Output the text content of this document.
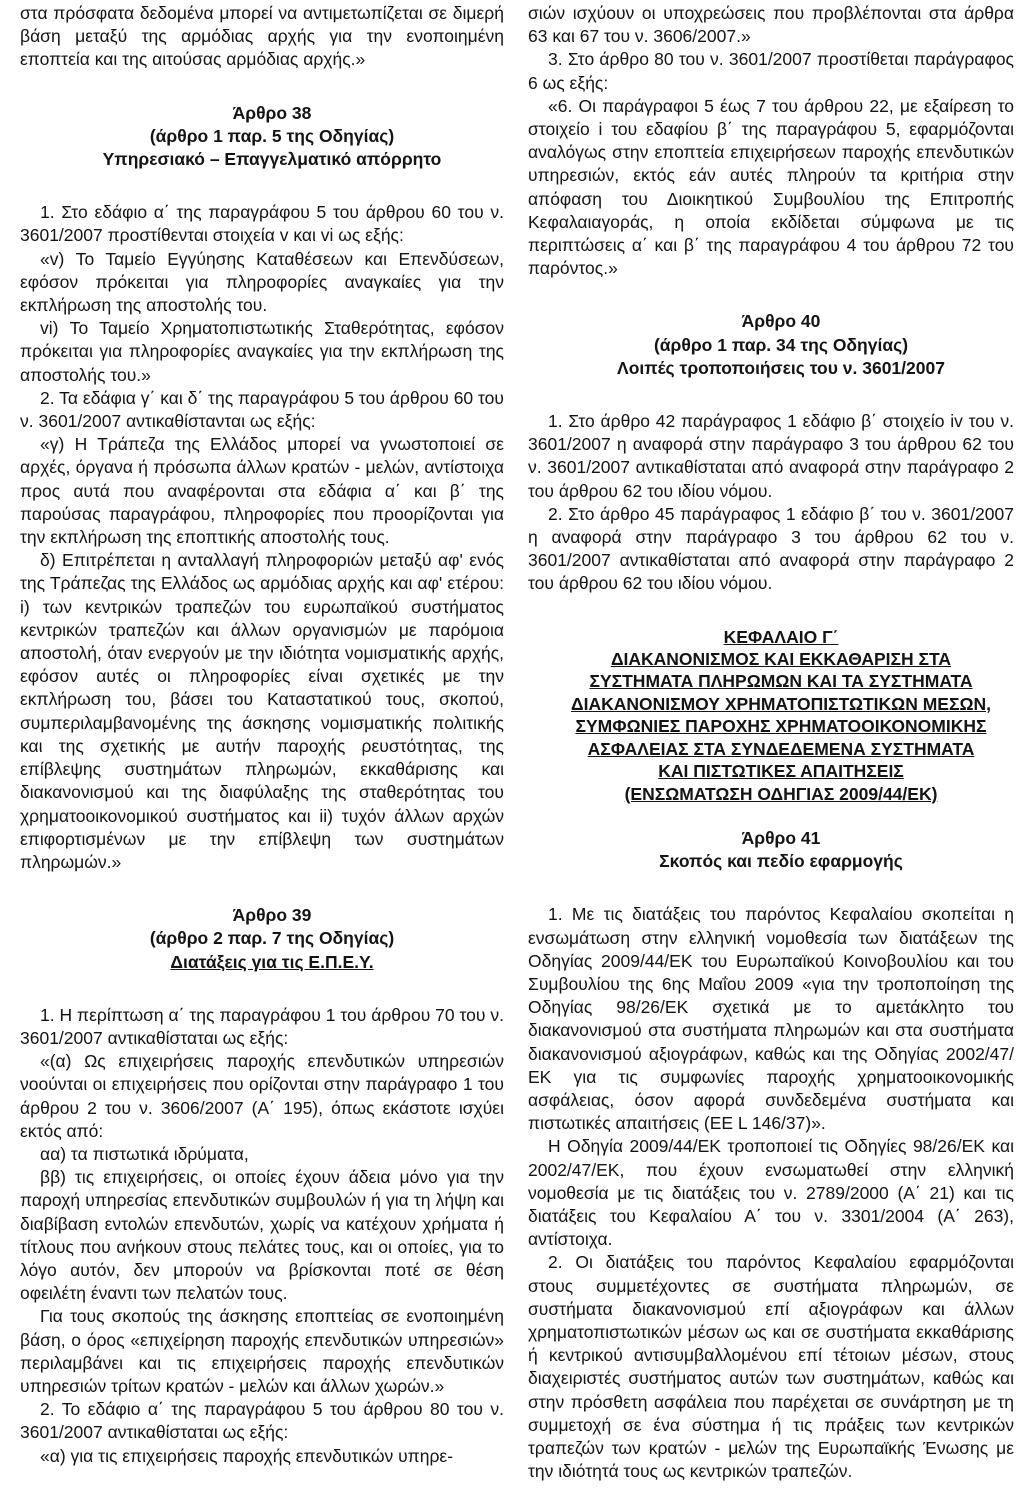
στα πρόσφατα δεδομένα μπορεί να αντιμετωπίζεται σε διμερή βάση μεταξύ της αρμόδιας αρχής για την ενοποιημένη εποπτεία και της αιτούσας αρμόδιας αρχής.»

Άρθρο 38

(άρθρο 1 παρ. 5 της Οδηγίας)

Υπηρεσιακό – Επαγγελματικό απόρρητο

1. Στο εδάφιο α΄ της παραγράφου 5 του άρθρου 60 του ν. 3601/2007 προστίθενται στοιχεία v και vi ως εξής:

«v) Το Ταμείο Εγγύησης Καταθέσεων και Επενδύσεων, εφόσον πρόκειται για πληροφορίες αναγκαίες για την εκπλήρωση της αποστολής του.

vi) Το Ταμείο Χρηματοπιστωτικής Σταθερότητας, εφόσον πρόκειται για πληροφορίες αναγκαίες για την εκπλήρωση της αποστολής του.»

2. Τα εδάφια γ΄ και δ΄ της παραγράφου 5 του άρθρου 60 του ν. 3601/2007 αντικαθίστανται ως εξής:

«γ) Η Τράπεζα της Ελλάδος μπορεί να γνωστοποιεί σε αρχές, όργανα ή πρόσωπα άλλων κρατών - μελών, αντίστοιχα προς αυτά που αναφέρονται στα εδάφια α΄ και β΄ της παρούσας παραγράφου, πληροφορίες που προορίζονται για την εκπλήρωση της εποπτικής αποστολής τους.

δ) Επιτρέπεται η ανταλλαγή πληροφοριών μεταξύ αφ' ενός της Τράπεζας της Ελλάδος ως αρμόδιας αρχής και αφ' ετέρου: i) των κεντρικών τραπεζών του ευρωπαϊκού συστήματος κεντρικών τραπεζών και άλλων οργανισμών με παρόμοια αποστολή, όταν ενεργούν με την ιδιότητα νομισματικής αρχής, εφόσον αυτές οι πληροφορίες είναι σχετικές με την εκπλήρωση του, βάσει του Καταστατικού τους, σκοπού, συμπεριλαμβανομένης της άσκησης νομισματικής πολιτικής και της σχετικής με αυτήν παροχής ρευστότητας, της επίβλεψης συστημάτων πληρωμών, εκκαθάρισης και διακανονισμού και της διαφύλαξης της σταθερότητας του χρηματοοικονομικού συστήματος και ii) τυχόν άλλων αρχών επιφορτισμένων με την επίβλεψη των συστημάτων πληρωμών.»

Άρθρο 39

(άρθρο 2 παρ. 7 της Οδηγίας)

Διατάξεις για τις Ε.Π.Ε.Υ.

1. Η περίπτωση α΄ της παραγράφου 1 του άρθρου 70 του ν. 3601/2007 αντικαθίσταται ως εξής:

«(α) Ως επιχειρήσεις παροχής επενδυτικών υπηρεσιών νοούνται οι επιχειρήσεις που ορίζονται στην παράγραφο 1 του άρθρου 2 του ν. 3606/2007 (Α΄ 195), όπως εκάστοτε ισχύει εκτός από:

αα) τα πιστωτικά ιδρύματα,

ββ) τις επιχειρήσεις, οι οποίες έχουν άδεια μόνο για την παροχή υπηρεσίας επενδυτικών συμβουλών ή για τη λήψη και διαβίβαση εντολών επενδυτών, χωρίς να κατέχουν χρήματα ή τίτλους που ανήκουν στους πελάτες τους, και οι οποίες, για το λόγο αυτόν, δεν μπορούν να βρίσκονται ποτέ σε θέση οφειλέτη έναντι των πελατών τους.

Για τους σκοπούς της άσκησης εποπτείας σε ενοποιημένη βάση, ο όρος «επιχείρηση παροχής επενδυτικών υπηρεσιών» περιλαμβάνει και τις επιχειρήσεις παροχής επενδυτικών υπηρεσιών τρίτων κρατών - μελών και άλλων χωρών.»

2. Το εδάφιο α΄ της παραγράφου 5 του άρθρου 80 του ν. 3601/2007 αντικαθίσταται ως εξής:

«α) για τις επιχειρήσεις παροχής επενδυτικών υπηρε-

σιών ισχύουν οι υποχρεώσεις που προβλέπονται στα άρθρα 63 και 67 του ν. 3606/2007.»

3. Στο άρθρο 80 του ν. 3601/2007 προστίθεται παράγραφος 6 ως εξής:

«6. Οι παράγραφοι 5 έως 7 του άρθρου 22, με εξαίρεση το στοιχείο i του εδαφίου β΄ της παραγράφου 5, εφαρμόζονται αναλόγως στην εποπτεία επιχειρήσεων παροχής επενδυτικών υπηρεσιών, εκτός εάν αυτές πληρούν τα κριτήρια στην απόφαση του Διοικητικού Συμβουλίου της Επιτροπής Κεφαλαιαγοράς, η οποία εκδίδεται σύμφωνα με τις περιπτώσεις α΄ και β΄ της παραγράφου 4 του άρθρου 72 του παρόντος.»

Άρθρο 40

(άρθρο 1 παρ. 34 της Οδηγίας)

Λοιπές τροποποιήσεις του ν. 3601/2007

1. Στο άρθρο 42 παράγραφος 1 εδάφιο β΄ στοιχείο iv του ν. 3601/2007 η αναφορά στην παράγραφο 3 του άρθρου 62 του ν. 3601/2007 αντικαθίσταται από αναφορά στην παράγραφο 2 του άρθρου 62 του ιδίου νόμου.

2. Στο άρθρο 45 παράγραφος 1 εδάφιο β΄ του ν. 3601/2007 η αναφορά στην παράγραφο 3 του άρθρου 62 του ν. 3601/2007 αντικαθίσταται από αναφορά στην παράγραφο 2 του άρθρου 62 του ιδίου νόμου.

ΚΕΦΑΛΑΙΟ Γ΄

ΔΙΑΚΑΝΟΝΙΣΜΟΣ ΚΑΙ ΕΚΚΑΘΑΡΙΣΗ ΣΤΑ

ΣΥΣΤΗΜΑΤΑ ΠΛΗΡΩΜΩΝ ΚΑΙ ΤΑ ΣΥΣΤΗΜΑΤΑ

ΔΙΑΚΑΝΟΝΙΣΜΟΥ ΧΡΗΜΑΤΟΠΙΣΤΩΤΙΚΩΝ ΜΕΣΩΝ,

ΣΥΜΦΩΝΙΕΣ ΠΑΡΟΧΗΣ ΧΡΗΜΑΤΟΟΙΚΟΝΟΜΙΚΗΣ

ΑΣΦΑΛΕΙΑΣ ΣΤΑ ΣΥΝΔΕΔΕΜΕΝΑ ΣΥΣΤΗΜΑΤΑ

ΚΑΙ ΠΙΣΤΩΤΙΚΕΣ ΑΠΑΙΤΗΣΕΙΣ

(ΕΝΣΩΜΑΤΩΣΗ ΟΔΗΓΙΑΣ 2009/44/ΕΚ)

Άρθρο 41

Σκοπός και πεδίο εφαρμογής

1. Με τις διατάξεις του παρόντος Κεφαλαίου σκοπείται η ενσωμάτωση στην ελληνική νομοθεσία των διατάξεων της Οδηγίας 2009/44/ΕΚ του Ευρωπαϊκού Κοινοβουλίου και του Συμβουλίου της 6ης Μαΐου 2009 «για την τροποποίηση της Οδηγίας 98/26/ΕΚ σχετικά με το αμετάκλητο του διακανονισμού στα συστήματα πληρωμών και στα συστήματα διακανονισμού αξιογράφων, καθώς και της Οδηγίας 2002/47/ΕΚ για τις συμφωνίες παροχής χρηματοοικονομικής ασφάλειας, όσον αφορά συνδεδεμένα συστήματα και πιστωτικές απαιτήσεις (ΕΕ L 146/37)».

Η Οδηγία 2009/44/ΕΚ τροποποιεί τις Οδηγίες 98/26/ΕΚ και 2002/47/ΕΚ, που έχουν ενσωματωθεί στην ελληνική νομοθεσία με τις διατάξεις του ν. 2789/2000 (Α΄ 21) και τις διατάξεις του Κεφαλαίου Α΄ του ν. 3301/2004 (Α΄ 263), αντίστοιχα.

2. Οι διατάξεις του παρόντος Κεφαλαίου εφαρμόζονται στους συμμετέχοντες σε συστήματα πληρωμών, σε συστήματα διακανονισμού επί αξιογράφων και άλλων χρηματοπιστωτικών μέσων ως και σε συστήματα εκκαθάρισης ή κεντρικού αντισυμβαλλομένου επί τέτοιων μέσων, στους διαχειριστές συστήματος αυτών των συστημάτων, καθώς και στην πρόσθετη ασφάλεια που παρέχεται σε συνάρτηση με τη συμμετοχή σε ένα σύστημα ή τις πράξεις των κεντρικών τραπεζών των κρατών - μελών της Ευρωπαϊκής Ένωσης με την ιδιότητά τους ως κεντρικών τραπεζών.
